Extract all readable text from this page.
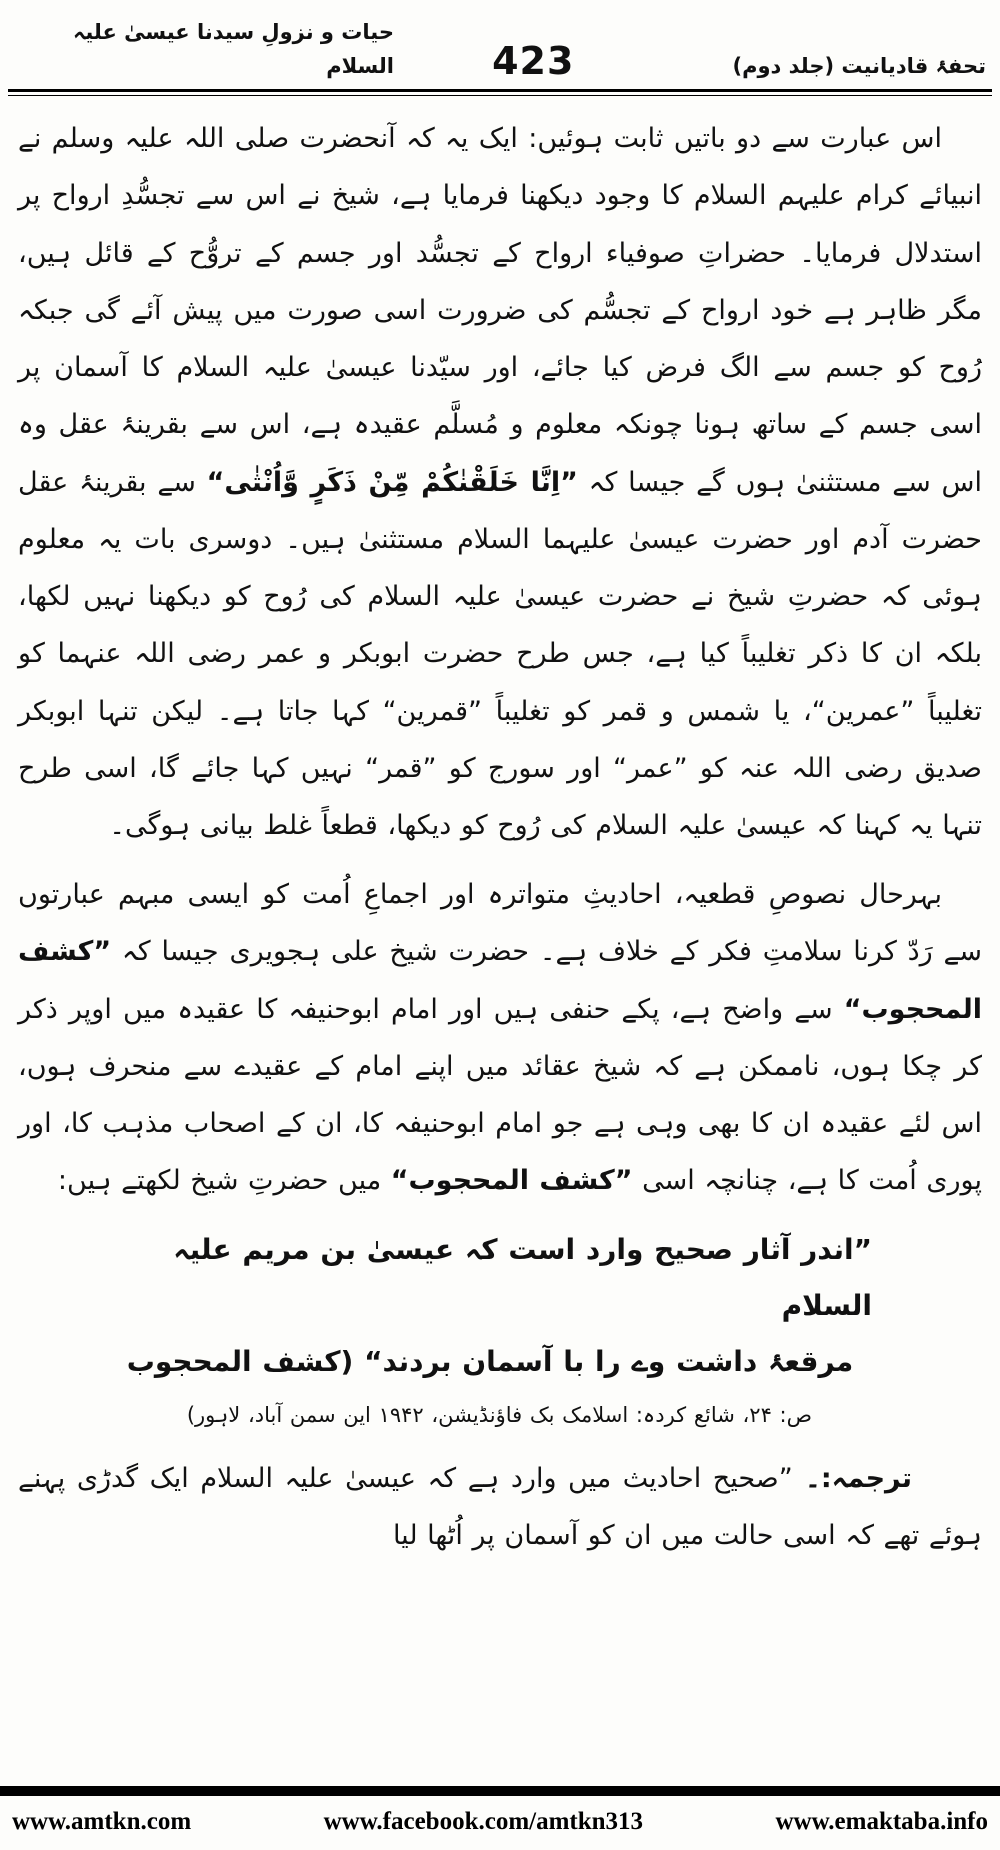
حیات و نزولِ سیدنا عیسیٰ علیہ السلام	423	تحفۂ قادیانیت (جلد دوم)

اس عبارت سے دو باتیں ثابت ہوئیں: ایک یہ کہ آنحضرت صلی اللہ علیہ وسلم نے انبیائے کرام علیہم السلام کا وجود دیکھنا فرمایا ہے، شیخ نے اس سے تجسُّدِ ارواح پر استدلال فرمایا۔ حضراتِ صوفیاء ارواح کے تجسُّد اور جسم کے تروُّح کے قائل ہیں، مگر ظاہر ہے خود ارواح کے تجسُّم کی ضرورت اسی صورت میں پیش آئے گی جبکہ رُوح کو جسم سے الگ فرض کیا جائے، اور سیّدنا عیسیٰ علیہ السلام کا آسمان پر اسی جسم کے ساتھ ہونا چونکہ معلوم و مُسلَّم عقیدہ ہے، اس سے بقرینۂ عقل وہ اس سے مستثنیٰ ہوں گے جیسا کہ ”اِنَّا خَلَقْنٰكُمْ مِّنْ ذَكَرٍ وَّاُنْثٰى“ سے بقرینۂ عقل حضرت آدم اور حضرت عیسیٰ علیہما السلام مستثنیٰ ہیں۔ دوسری بات یہ معلوم ہوئی کہ حضرتِ شیخ نے حضرت عیسیٰ علیہ السلام کی رُوح کو دیکھنا نہیں لکھا، بلکہ ان کا ذکر تغلیباً کیا ہے، جس طرح حضرت ابوبکر و عمر رضی اللہ عنہما کو تغلیباً ”عمرین“، یا شمس و قمر کو تغلیباً ”قمرین“ کہا جاتا ہے۔ لیکن تنہا ابوبکر صدیق رضی اللہ عنہ کو ”عمر“ اور سورج کو ”قمر“ نہیں کہا جائے گا، اسی طرح تنہا یہ کہنا کہ عیسیٰ علیہ السلام کی رُوح کو دیکھا، قطعاً غلط بیانی ہوگی۔

بہرحال نصوصِ قطعیہ، احادیثِ متواترہ اور اجماعِ اُمت کو ایسی مبہم عبارتوں سے رَدّ کرنا سلامتِ فکر کے خلاف ہے۔ حضرت شیخ علی ہجویری جیسا کہ ”کشف المحجوب“ سے واضح ہے، پکے حنفی ہیں اور امام ابوحنیفہ کا عقیدہ میں اوپر ذکر کر چکا ہوں، ناممکن ہے کہ شیخ عقائد میں اپنے امام کے عقیدے سے منحرف ہوں، اس لئے عقیدہ ان کا بھی وہی ہے جو امام ابوحنیفہ کا، ان کے اصحاب مذہب کا، اور پوری اُمت کا ہے، چنانچہ اسی ”کشف المحجوب“ میں حضرتِ شیخ لکھتے ہیں:

”اندر آثار صحیح وارد است کہ عیسیٰ بن مریم علیہ السلام
مرقعۂ داشت وے را با آسمان بردند“ (کشف المحجوب
ص: ۲۴، شائع کردہ: اسلامک بک فاؤنڈیشن، ۱۹۴۲ این سمن آباد، لاہور)

ترجمہ:۔ ”صحیح احادیث میں وارد ہے کہ عیسیٰ علیہ السلام ایک گدڑی پہنے ہوئے تھے کہ اسی حالت میں ان کو آسمان پر اُٹھا لیا

www.amtkn.com	www.facebook.com/amtkn313	www.emaktaba.info
